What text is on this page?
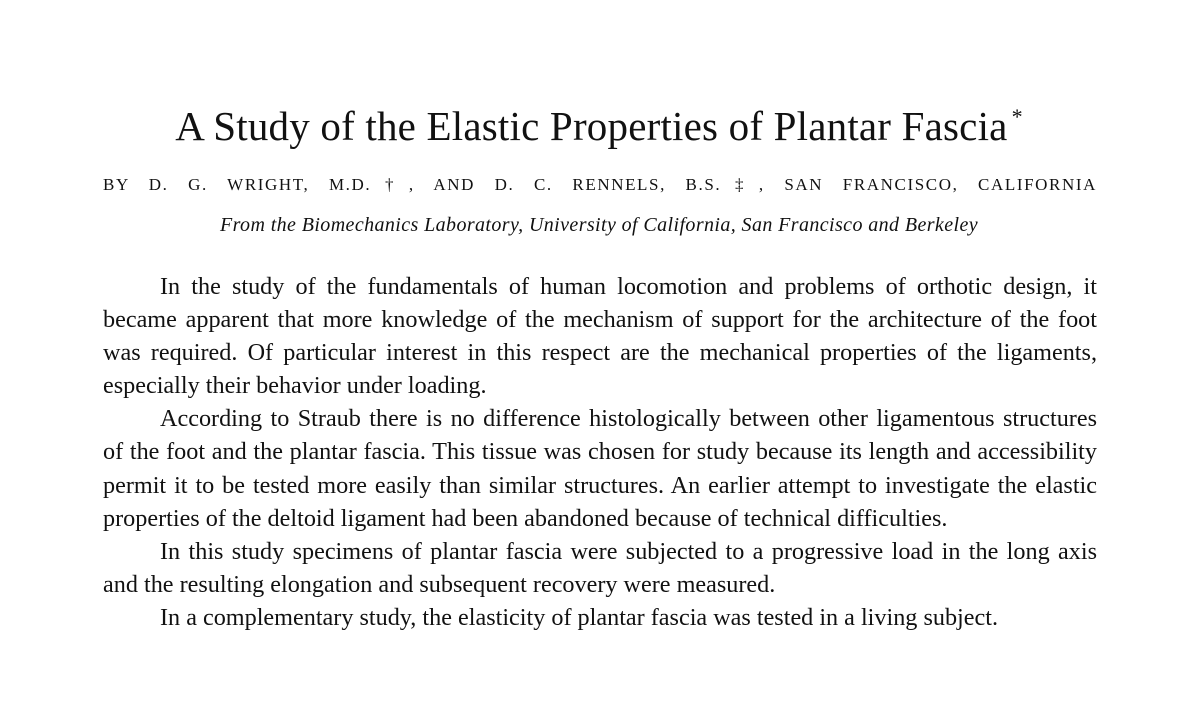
A Study of the Elastic Properties of Plantar Fascia *

BY D. G. WRIGHT, M.D.†, AND D. C. RENNELS, B.S.‡, SAN FRANCISCO, CALIFORNIA

From the Biomechanics Laboratory, University of California, San Francisco and Berkeley

In the study of the fundamentals of human locomotion and problems of orthotic design, it became apparent that more knowledge of the mechanism of support for the architecture of the foot was required. Of particular interest in this respect are the mechanical properties of the ligaments, especially their behavior under loading.

According to Straub there is no difference histologically between other ligamentous structures of the foot and the plantar fascia. This tissue was chosen for study because its length and accessibility permit it to be tested more easily than similar structures. An earlier attempt to investigate the elastic properties of the deltoid ligament had been abandoned because of technical difficulties.

In this study specimens of plantar fascia were subjected to a progressive load in the long axis and the resulting elongation and subsequent recovery were measured.

In a complementary study, the elasticity of plantar fascia was tested in a living subject.
